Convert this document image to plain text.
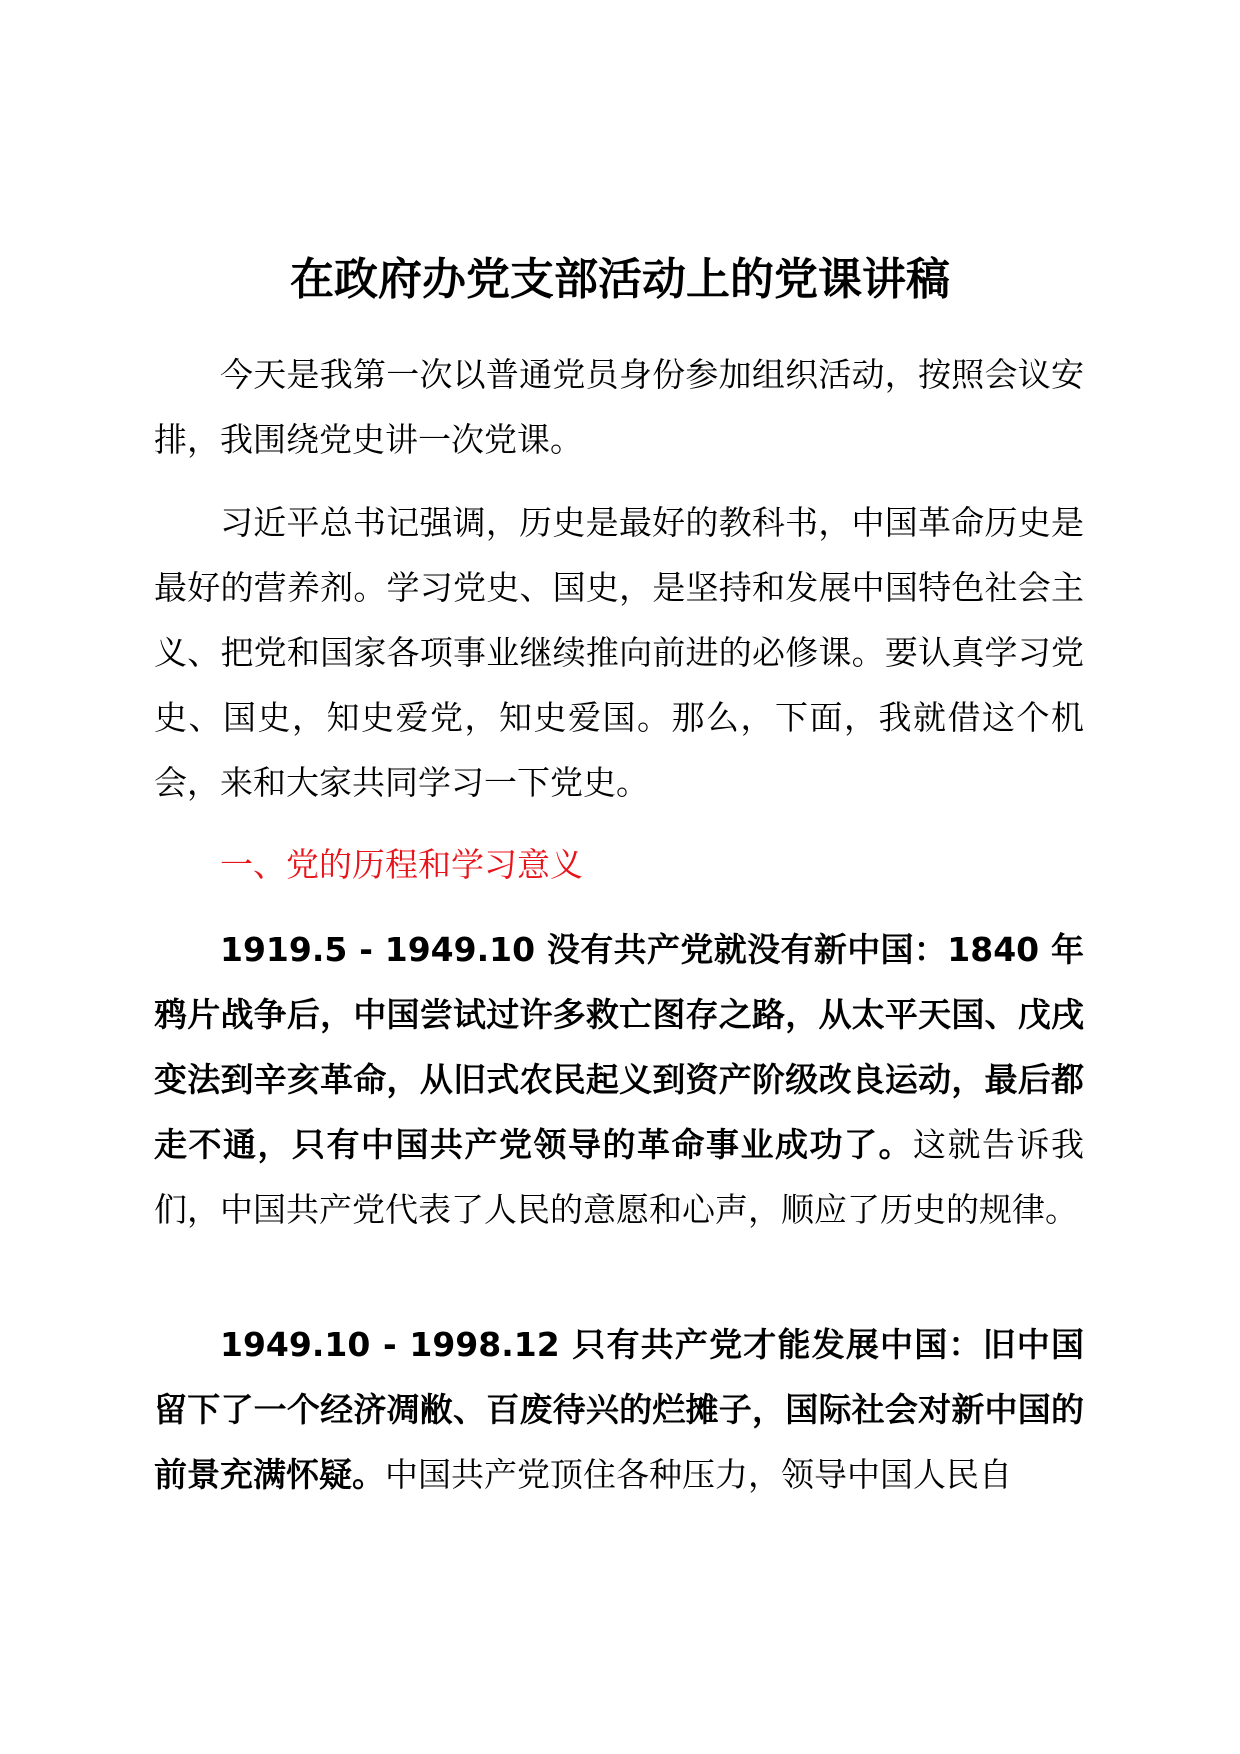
在政府办党支部活动上的党课讲稿

今天是我第一次以普通党员身份参加组织活动，按照会议安排，我围绕党史讲一次党课。

习近平总书记强调，历史是最好的教科书，中国革命历史是最好的营养剂。学习党史、国史，是坚持和发展中国特色社会主义、把党和国家各项事业继续推向前进的必修课。要认真学习党史、国史，知史爱党，知史爱国。那么，下面，我就借这个机会，来和大家共同学习一下党史。

一、党的历程和学习意义

1919.5 - 1949.10 没有共产党就没有新中国：1840 年鸦片战争后，中国尝试过许多救亡图存之路，从太平天国、戊戌变法到辛亥革命，从旧式农民起义到资产阶级改良运动，最后都走不通，只有中国共产党领导的革命事业成功了。这就告诉我们，中国共产党代表了人民的意愿和心声，顺应了历史的规律。

1949.10 - 1998.12 只有共产党才能发展中国：旧中国留下了一个经济凋敝、百废待兴的烂摊子，国际社会对新中国的前景充满怀疑。中国共产党顶住各种压力，领导中国人民自
